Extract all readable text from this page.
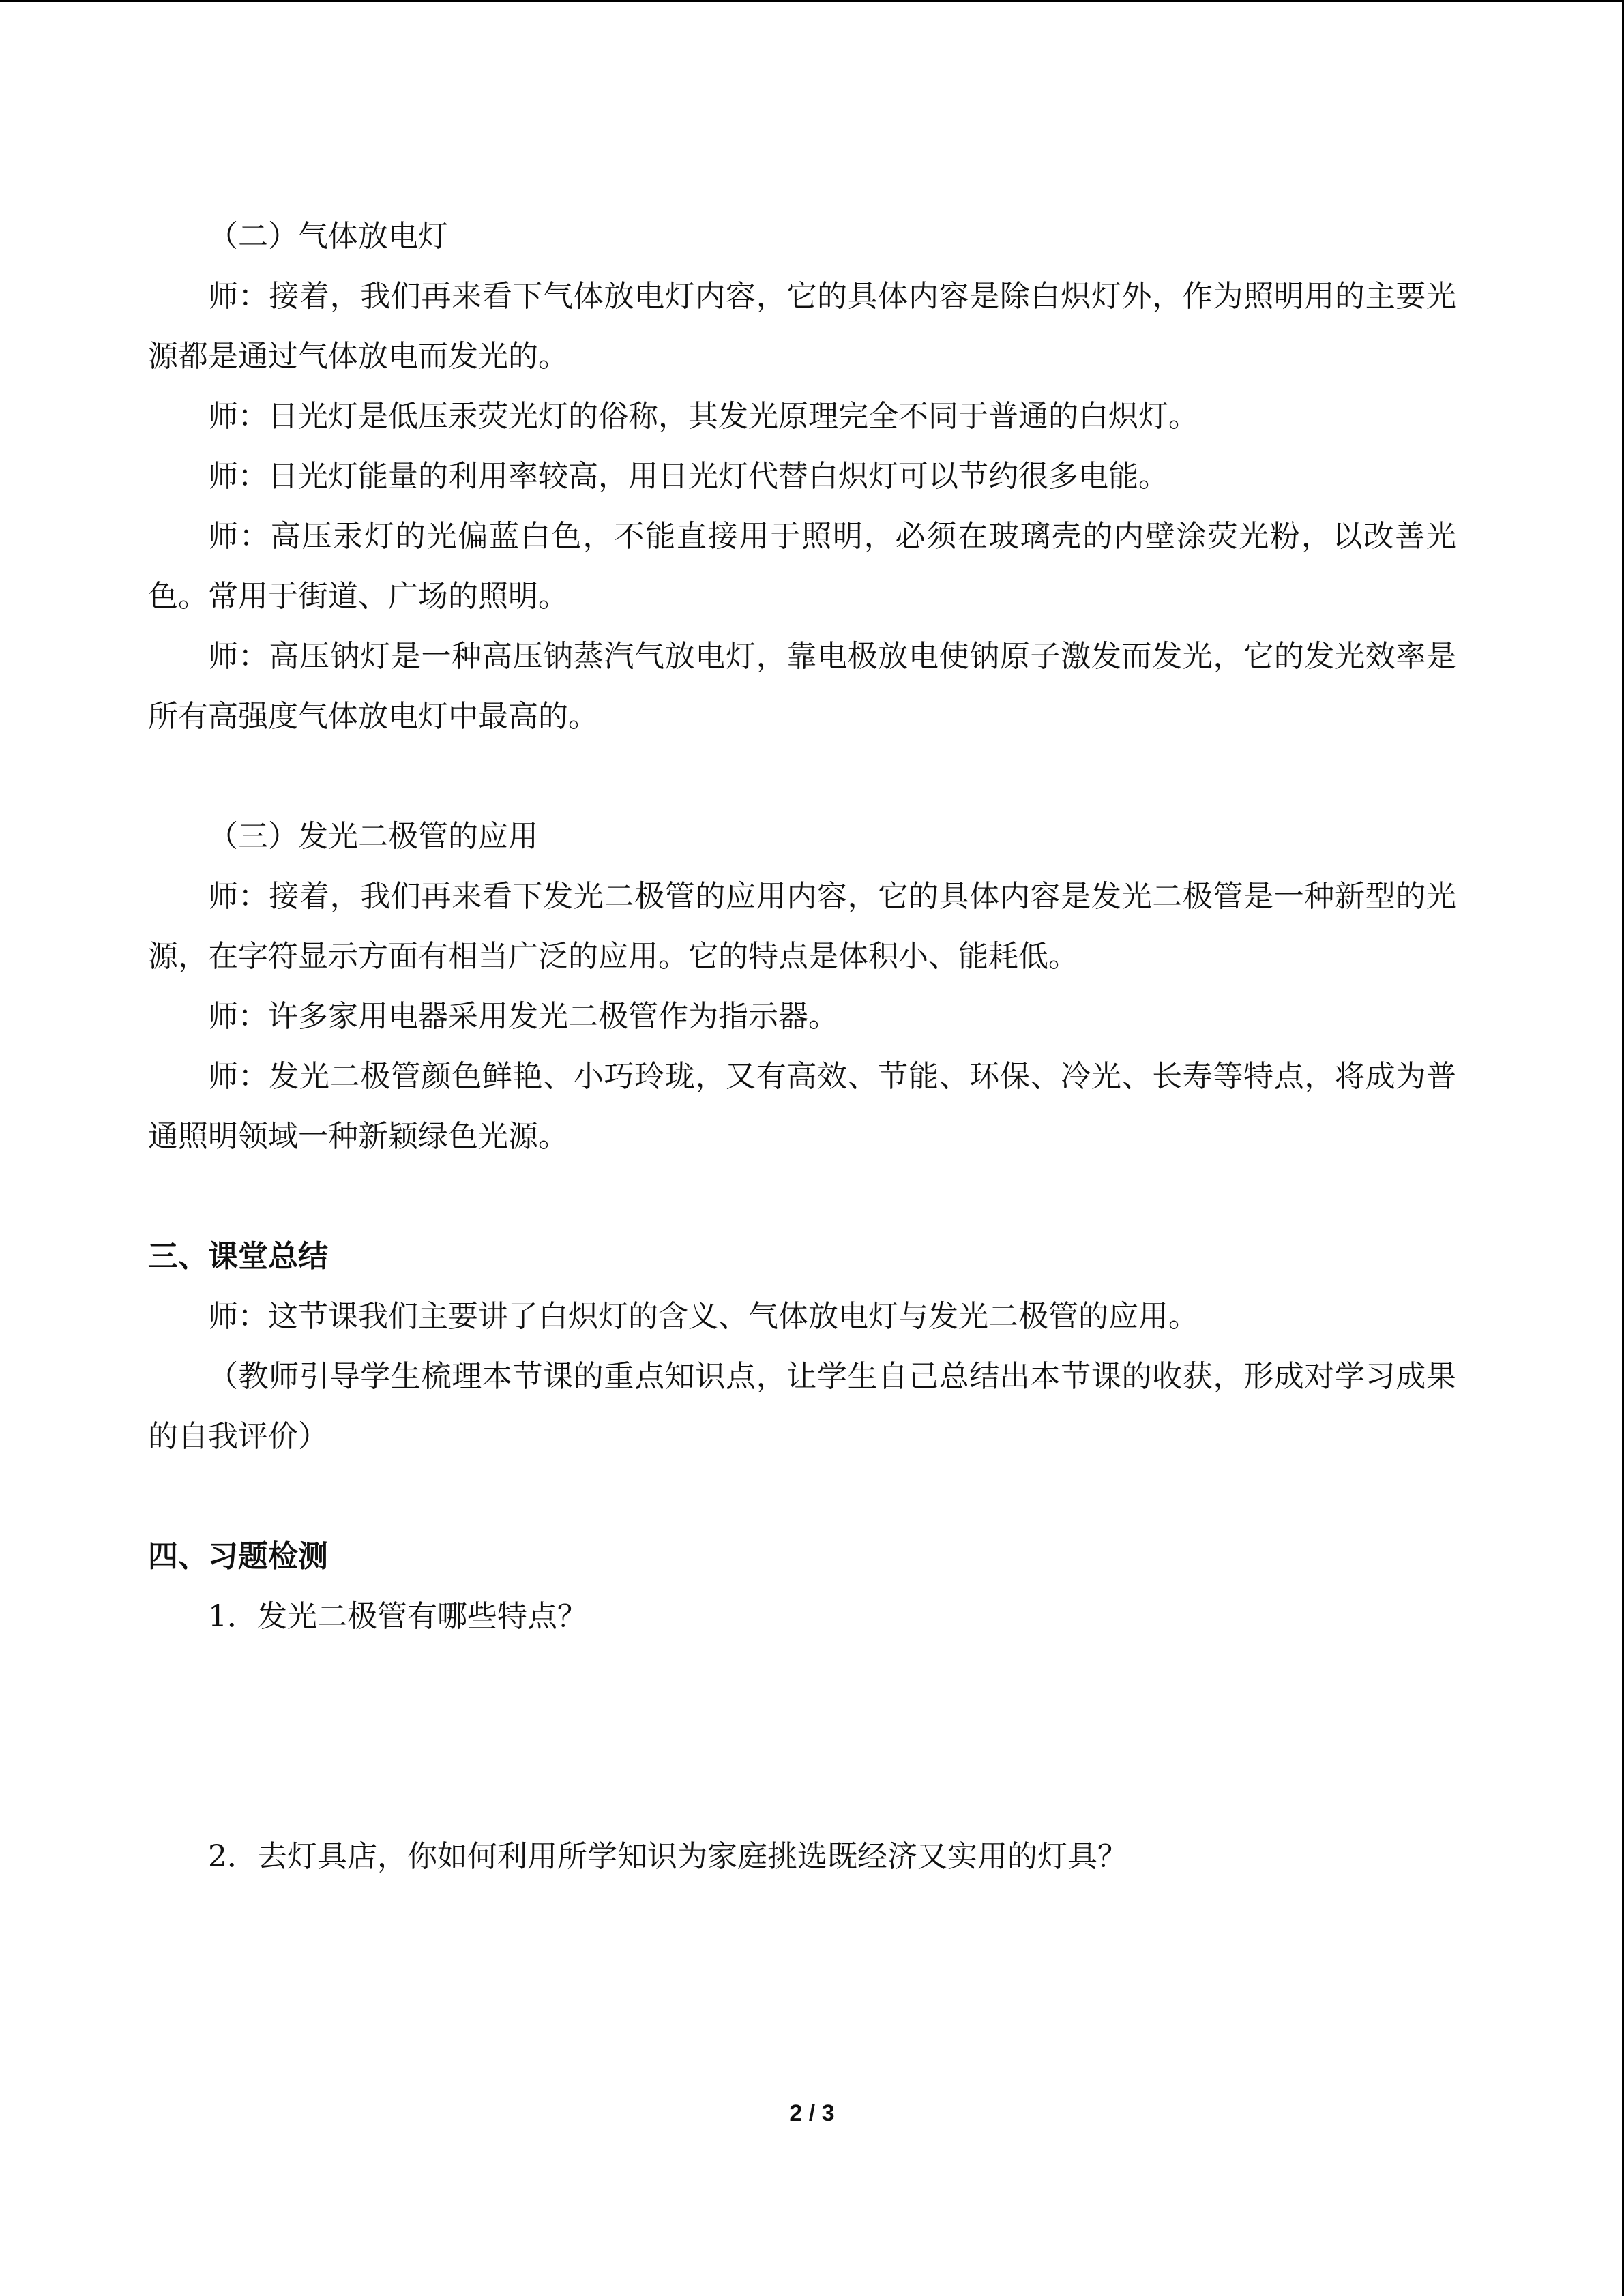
（二）气体放电灯

师：接着，我们再来看下气体放电灯内容，它的具体内容是除白炽灯外，作为照明用的主要光源都是通过气体放电而发光的。

师：日光灯是低压汞荧光灯的俗称，其发光原理完全不同于普通的白炽灯。

师：日光灯能量的利用率较高，用日光灯代替白炽灯可以节约很多电能。

师：高压汞灯的光偏蓝白色，不能直接用于照明，必须在玻璃壳的内壁涂荧光粉，以改善光色。常用于街道、广场的照明。

师：高压钠灯是一种高压钠蒸汽气放电灯，靠电极放电使钠原子激发而发光，它的发光效率是所有高强度气体放电灯中最高的。

（三）发光二极管的应用

师：接着，我们再来看下发光二极管的应用内容，它的具体内容是发光二极管是一种新型的光源，在字符显示方面有相当广泛的应用。它的特点是体积小、能耗低。

师：许多家用电器采用发光二极管作为指示器。

师：发光二极管颜色鲜艳、小巧玲珑，又有高效、节能、环保、冷光、长寿等特点，将成为普通照明领域一种新颖绿色光源。

三、课堂总结

师：这节课我们主要讲了白炽灯的含义、气体放电灯与发光二极管的应用。

（教师引导学生梳理本节课的重点知识点，让学生自己总结出本节课的收获，形成对学习成果的自我评价）

四、习题检测

1．发光二极管有哪些特点？

2．去灯具店，你如何利用所学知识为家庭挑选既经济又实用的灯具？

2 / 3
